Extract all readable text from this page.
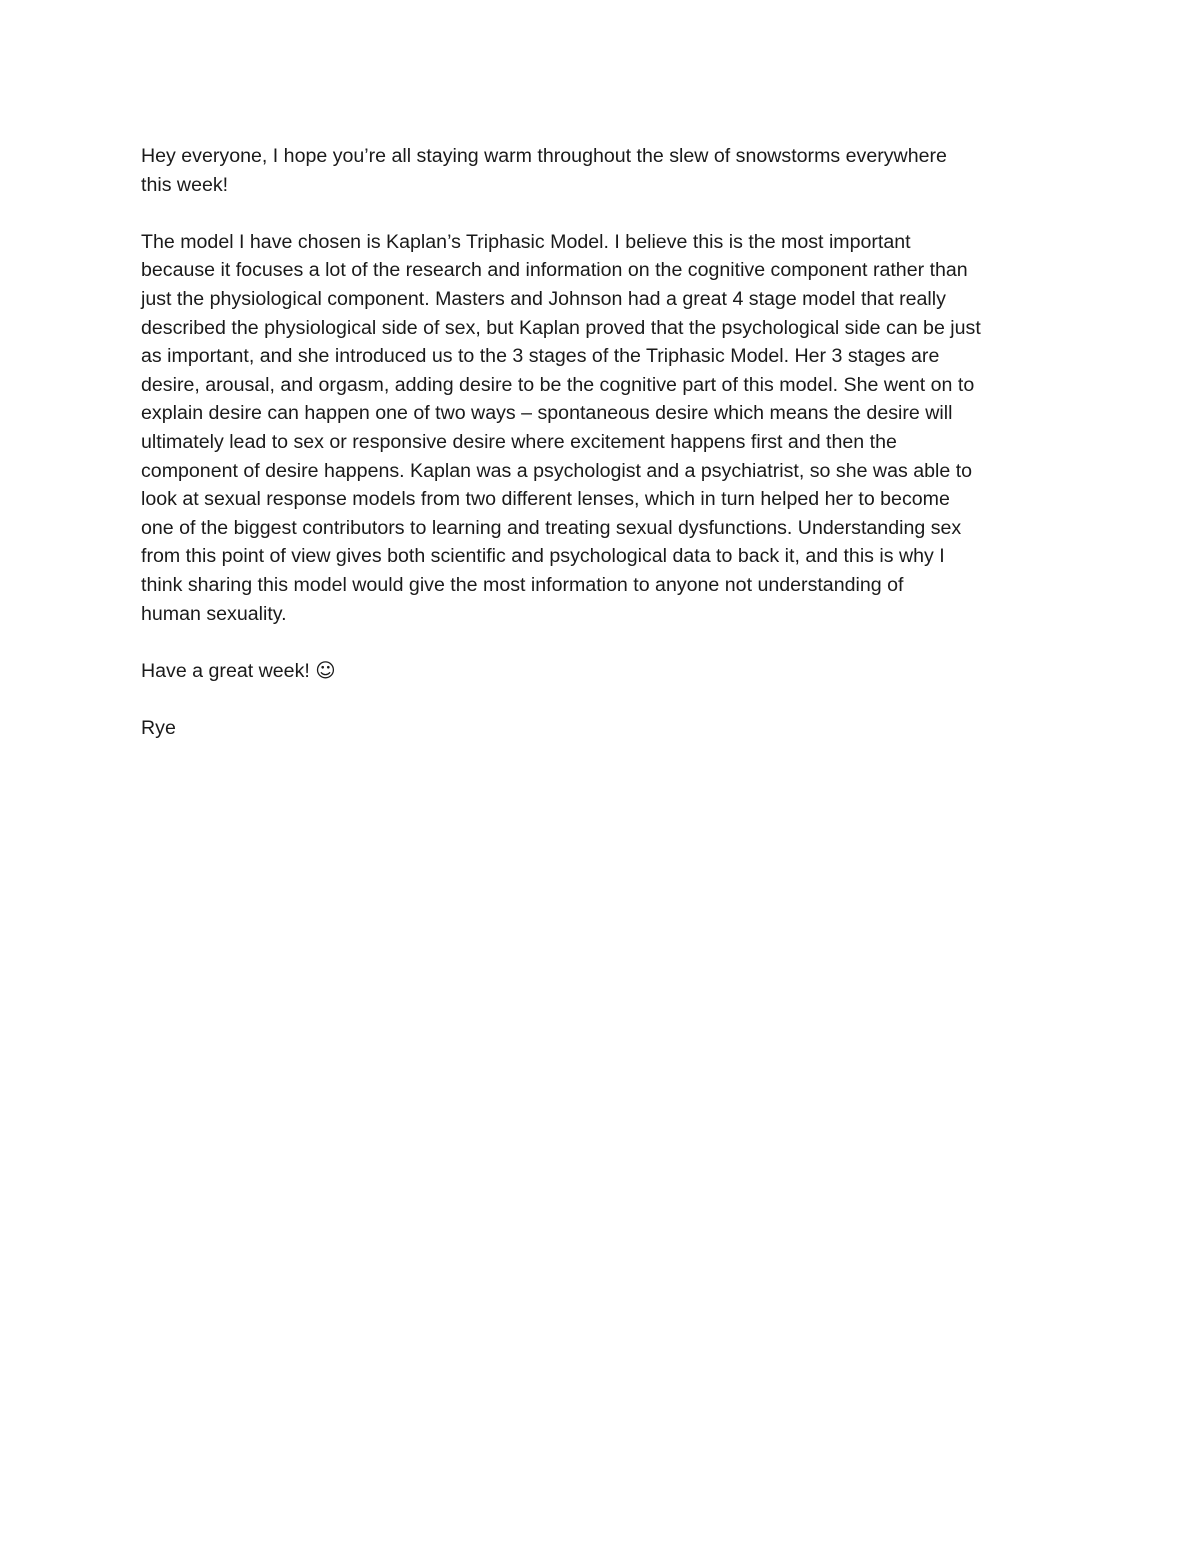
Hey everyone, I hope you’re all staying warm throughout the slew of snowstorms everywhere
this week!

The model I have chosen is Kaplan’s Triphasic Model. I believe this is the most important
because it focuses a lot of the research and information on the cognitive component rather than
just the physiological component. Masters and Johnson had a great 4 stage model that really
described the physiological side of sex, but Kaplan proved that the psychological side can be just
as important, and she introduced us to the 3 stages of the Triphasic Model. Her 3 stages are
desire, arousal, and orgasm, adding desire to be the cognitive part of this model. She went on to
explain desire can happen one of two ways – spontaneous desire which means the desire will
ultimately lead to sex or responsive desire where excitement happens first and then the
component of desire happens. Kaplan was a psychologist and a psychiatrist, so she was able to
look at sexual response models from two different lenses, which in turn helped her to become
one of the biggest contributors to learning and treating sexual dysfunctions. Understanding sex
from this point of view gives both scientific and psychological data to back it, and this is why I
think sharing this model would give the most information to anyone not understanding of
human sexuality.

Have a great week! ☺

Rye
